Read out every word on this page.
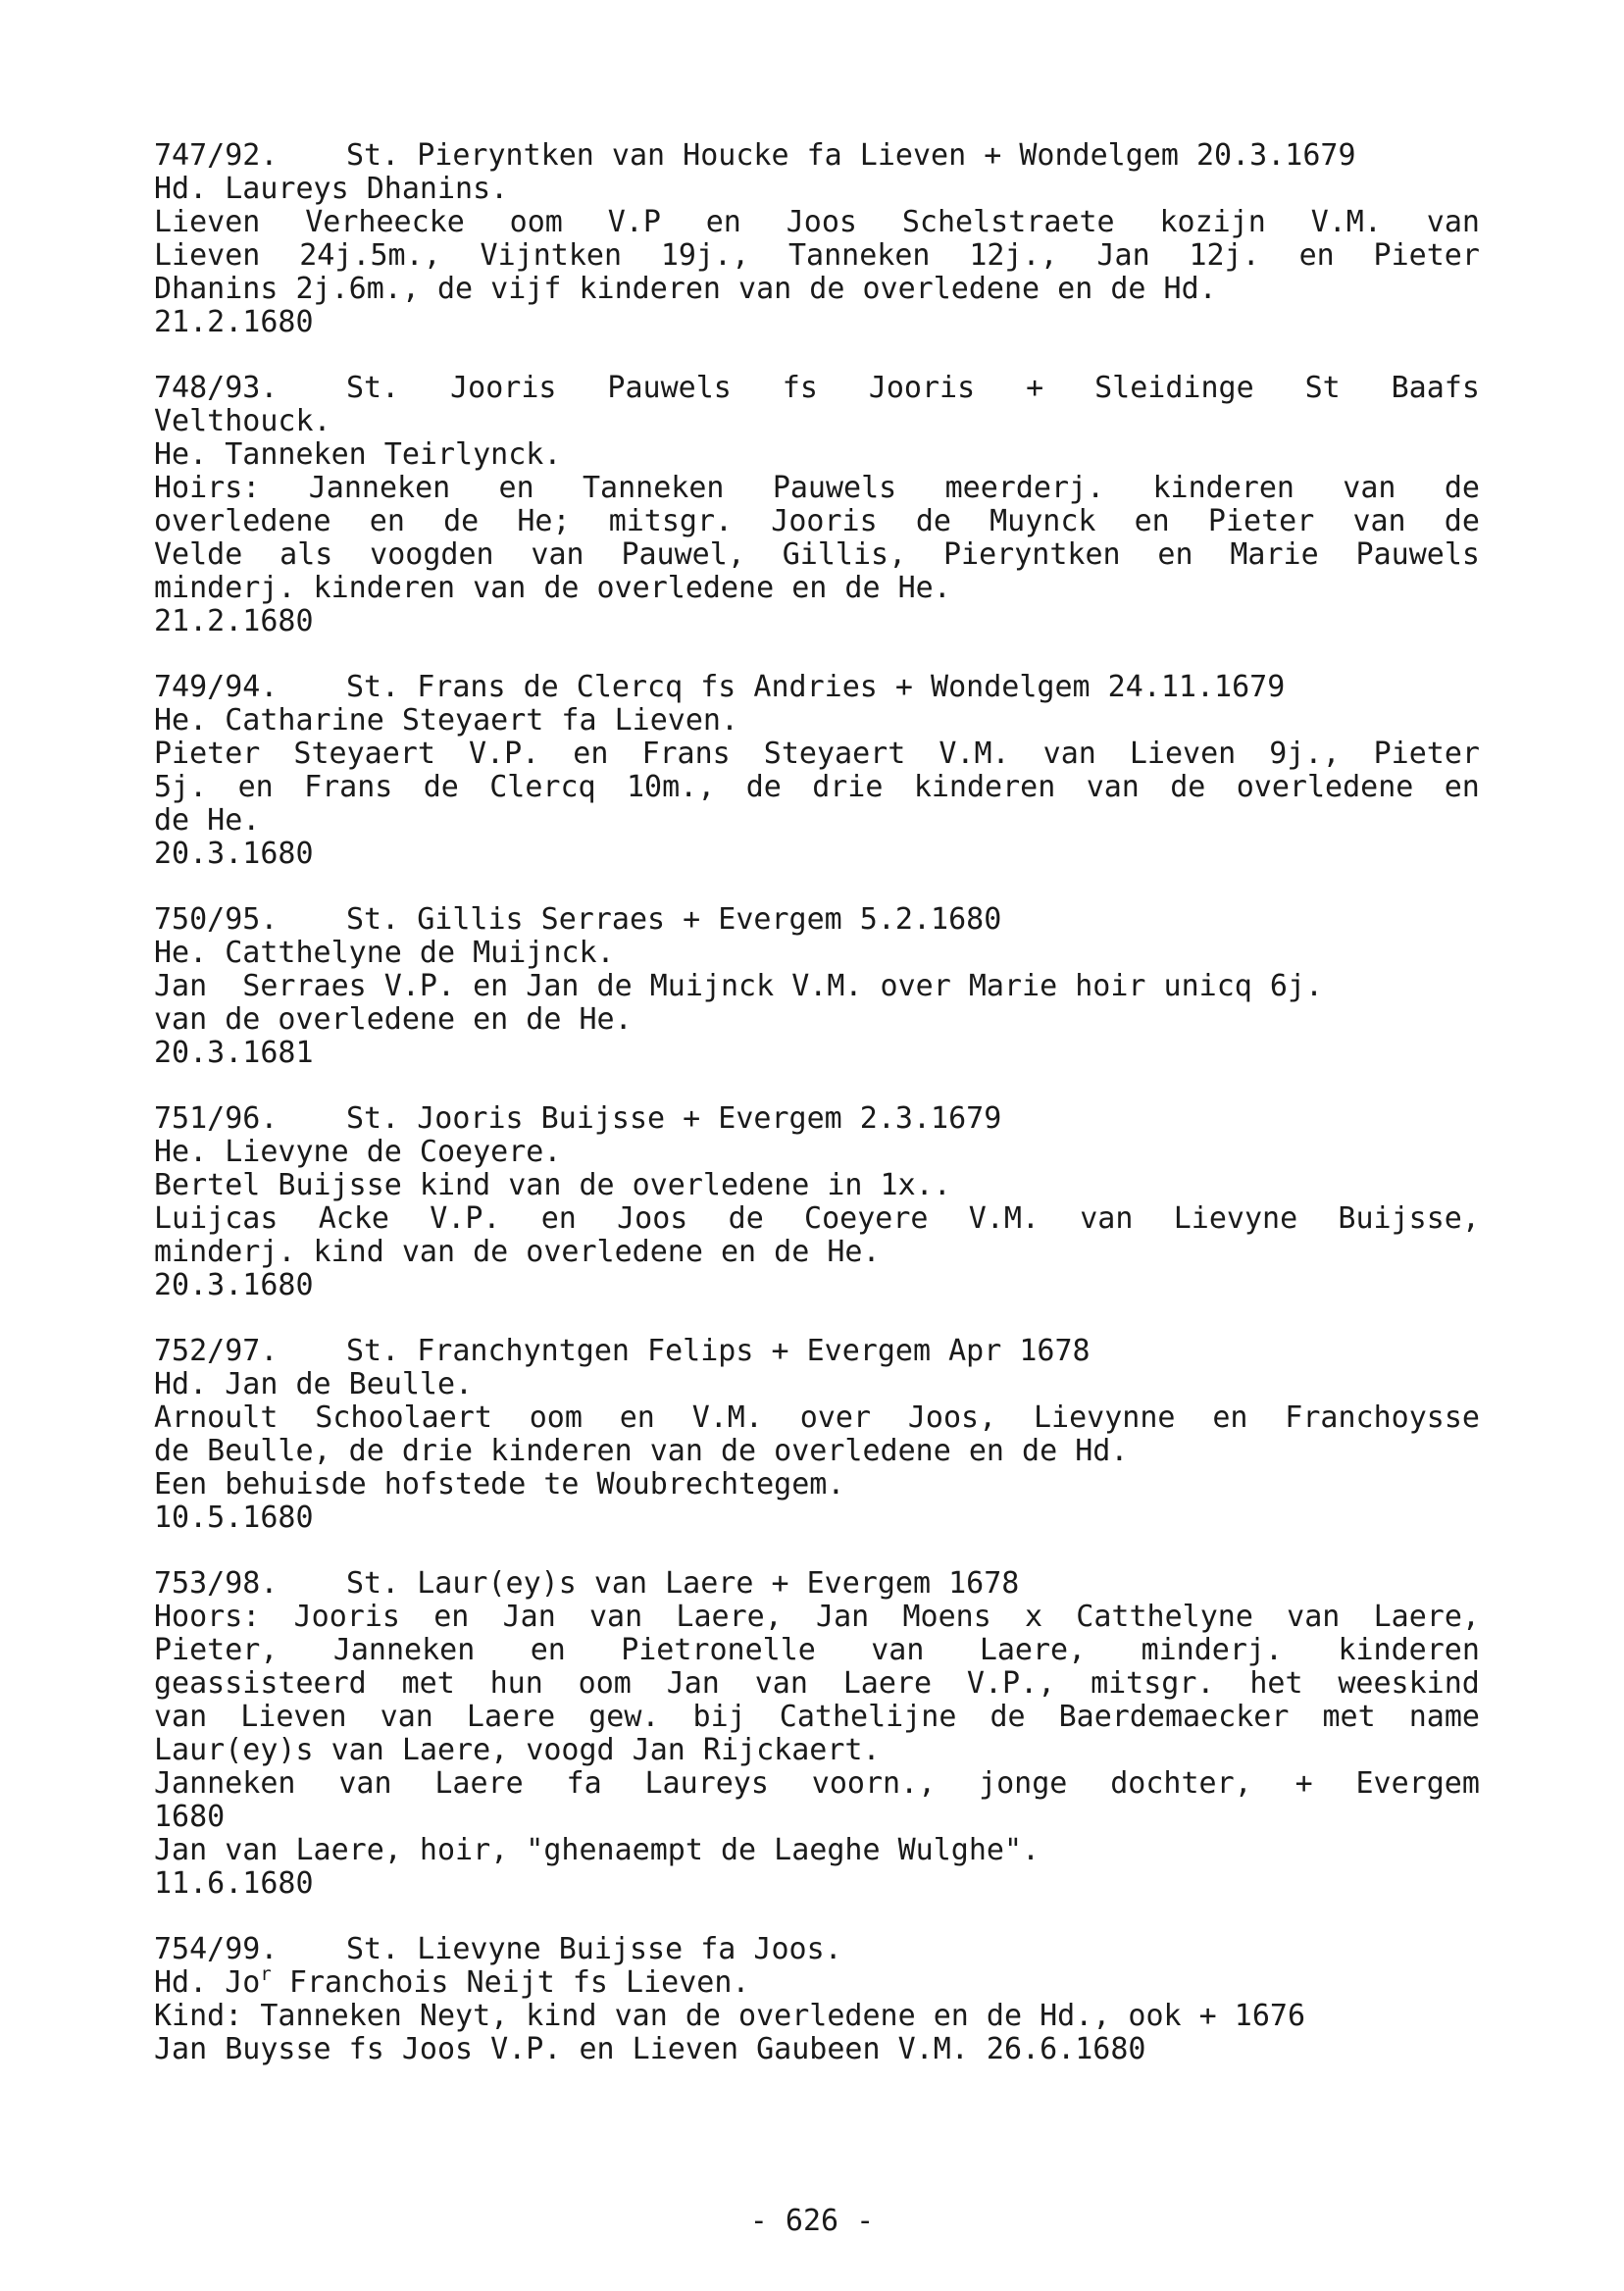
747/92. St. Pieryntken van Houcke fa Lieven + Wondelgem 20.3.1679
Hd. Laureys Dhanins.
Lieven Verheecke oom V.P en Joos Schelstraete kozijn V.M. van
Lieven 24j.5m., Vijntken 19j., Tanneken 12j., Jan 12j. en Pieter
Dhanins 2j.6m., de vijf kinderen van de overledene en de Hd.
21.2.1680
748/93. St. Jooris Pauwels fs Jooris + Sleidinge St Baafs
Velthouck.
He. Tanneken Teirlynck.
Hoirs: Janneken en Tanneken Pauwels meerderj. kinderen van de
overledene en de He; mitsgr. Jooris de Muynck en Pieter van de
Velde als voogden van Pauwel, Gillis, Pieryntken en Marie Pauwels
minderj. kinderen van de overledene en de He.
21.2.1680
749/94. St. Frans de Clercq fs Andries + Wondelgem 24.11.1679
He. Catharine Steyaert fa Lieven.
Pieter Steyaert V.P. en Frans Steyaert V.M. van Lieven 9j., Pieter
5j. en Frans de Clercq 10m., de drie kinderen van de overledene en
de He.
20.3.1680
750/95. St. Gillis Serraes + Evergem 5.2.1680
He. Catthelyne de Muijnck.
Jan  Serraes V.P. en Jan de Muijnck V.M. over Marie hoir unicq 6j.
van de overledene en de He.
20.3.1681
751/96. St. Jooris Buijsse + Evergem 2.3.1679
He. Lievyne de Coeyere.
Bertel Buijsse kind van de overledene in 1x..
Luijcas Acke V.P. en Joos de Coeyere V.M. van Lievyne Buijsse,
minderj. kind van de overledene en de He.
20.3.1680
752/97. St. Franchyntgen Felips + Evergem Apr 1678
Hd. Jan de Beulle.
Arnoult Schoolaert oom en V.M. over Joos, Lievynne en Franchoysse
de Beulle, de drie kinderen van de overledene en de Hd.
Een behuisde hofstede te Woubrechtegem.
10.5.1680
753/98. St. Laur(ey)s van Laere + Evergem 1678
Hoors: Jooris en Jan van Laere, Jan Moens x Catthelyne van Laere,
Pieter, Janneken en Pietronelle van Laere, minderj. kinderen
geassisteerd met hun oom Jan van Laere V.P., mitsgr. het weeskind
van Lieven van Laere gew. bij Cathelijne de Baerdemaecker met name
Laur(ey)s van Laere, voogd Jan Rijckaert.
Janneken van Laere fa Laureys voorn., jonge dochter, + Evergem
1680
Jan van Laere, hoir, "ghenaempt de Laeghe Wulghe".
11.6.1680
754/99. St. Lievyne Buijsse fa Joos.
Hd. Jo$^r$ Franchois Neijt fs Lieven.
Kind: Tanneken Neyt, kind van de overledene en de Hd., ook + 1676
Jan Buysse fs Joos V.P. en Lieven Gaubeen V.M. 26.6.1680
- 626 -
